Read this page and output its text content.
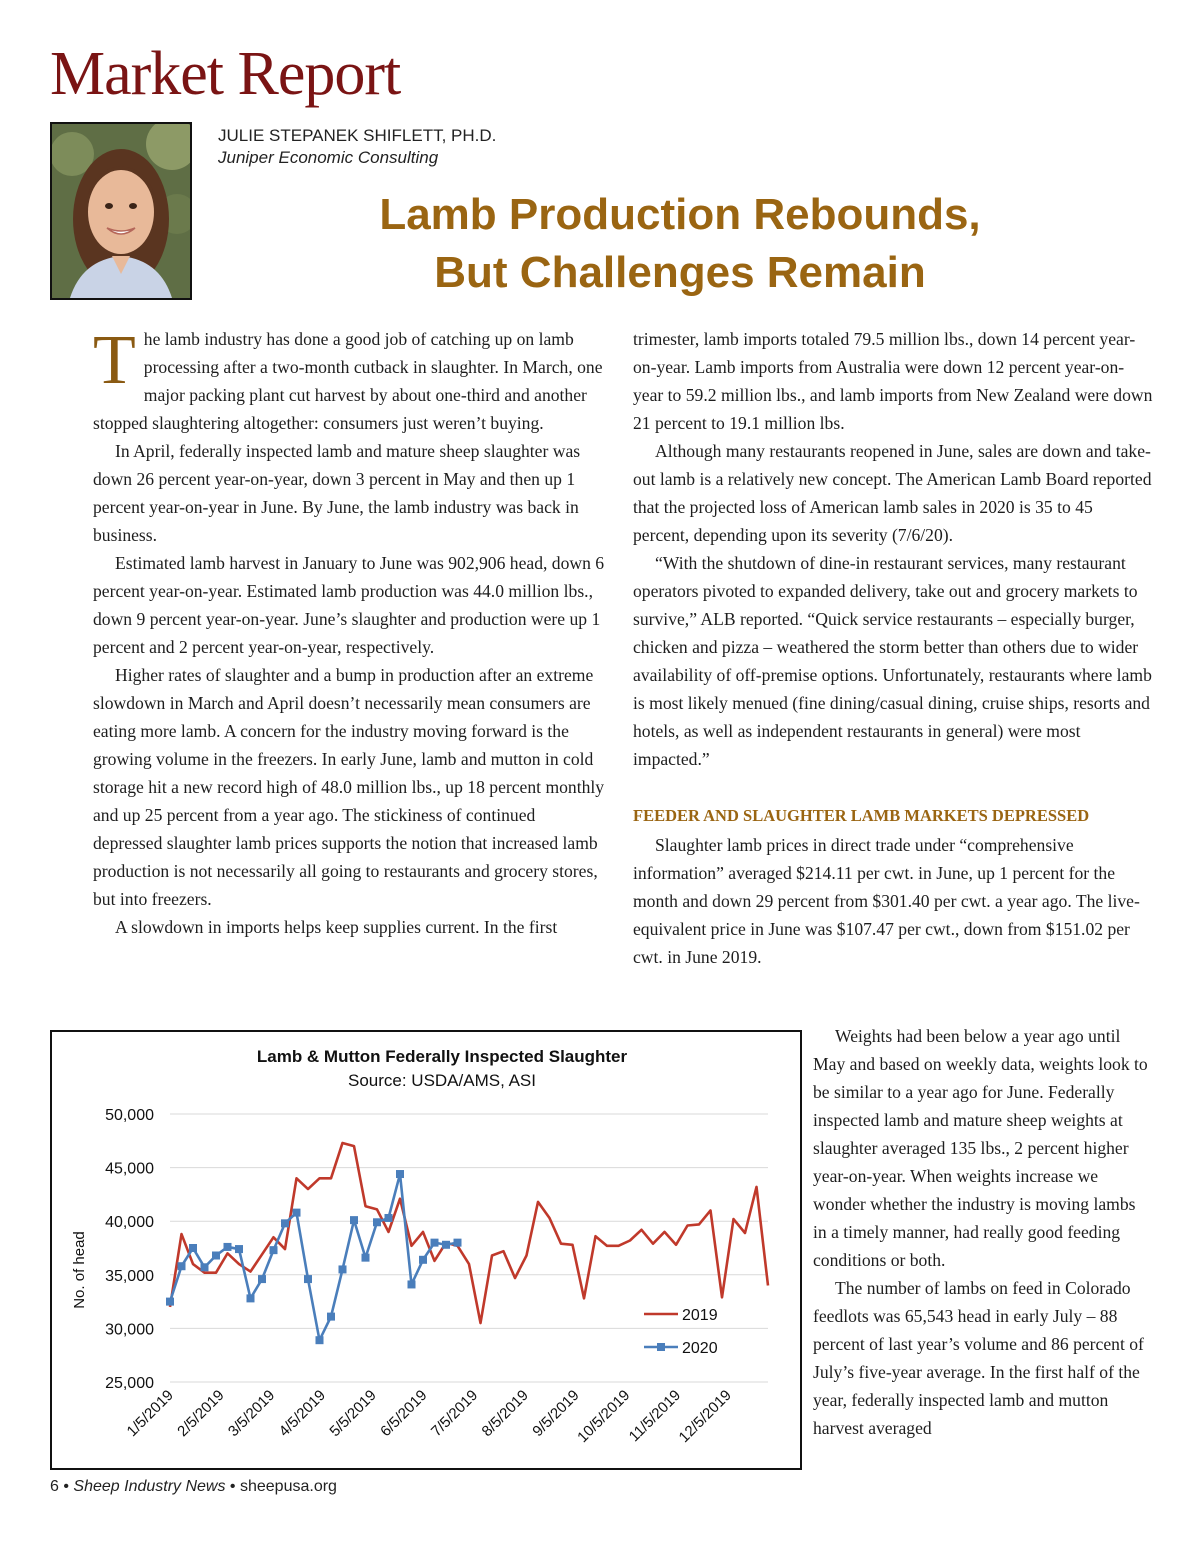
Market Report
JULIE STEPANEK SHIFLETT, PH.D.
Juniper Economic Consulting
Lamb Production Rebounds,
But Challenges Remain

The lamb industry has done a good job of catching up on lamb processing after a two-month cutback in slaughter. In March, one major packing plant cut harvest by about one-third and another stopped slaughtering altogether: consumers just weren’t buying.

In April, federally inspected lamb and mature sheep slaughter was down 26 percent year-on-year, down 3 percent in May and then up 1 percent year-on-year in June. By June, the lamb industry was back in business.

Estimated lamb harvest in January to June was 902,906 head, down 6 percent year-on-year. Estimated lamb production was 44.0 million lbs., down 9 percent year-on-year. June’s slaughter and production were up 1 percent and 2 percent year-on-year, respectively.

Higher rates of slaughter and a bump in production after an extreme slowdown in March and April doesn’t necessarily mean consumers are eating more lamb. A concern for the industry moving forward is the growing volume in the freezers. In early June, lamb and mutton in cold storage hit a new record high of 48.0 million lbs., up 18 percent monthly and up 25 percent from a year ago. The stickiness of continued depressed slaughter lamb prices supports the notion that increased lamb production is not necessarily all going to restaurants and grocery stores, but into freezers.

A slowdown in imports helps keep supplies current. In the first

trimester, lamb imports totaled 79.5 million lbs., down 14 percent year-on-year. Lamb imports from Australia were down 12 percent year-on-year to 59.2 million lbs., and lamb imports from New Zealand were down 21 percent to 19.1 million lbs.

Although many restaurants reopened in June, sales are down and take-out lamb is a relatively new concept. The American Lamb Board reported that the projected loss of American lamb sales in 2020 is 35 to 45 percent, depending upon its severity (7/6/20).

“With the shutdown of dine-in restaurant services, many restaurant operators pivoted to expanded delivery, take out and grocery markets to survive,” ALB reported. “Quick service restaurants – especially burger, chicken and pizza – weathered the storm better than others due to wider availability of off-premise options. Unfortunately, restaurants where lamb is most likely menued (fine dining/casual dining, cruise ships, resorts and hotels, as well as independent restaurants in general) were most impacted.”

FEEDER AND SLAUGHTER LAMB MARKETS DEPRESSED

Slaughter lamb prices in direct trade under “comprehensive information” averaged $214.11 per cwt. in June, up 1 percent for the month and down 29 percent from $301.40 per cwt. a year ago. The live-equivalent price in June was $107.47 per cwt., down from $151.02 per cwt. in June 2019.

Weights had been below a year ago until May and based on weekly data, weights look to be similar to a year ago for June. Federally inspected lamb and mature sheep weights at slaughter averaged 135 lbs., 2 percent higher year-on-year. When weights increase we wonder whether the industry is moving lambs in a timely manner, had really good feeding conditions or both.

The number of lambs on feed in Colorado feedlots was 65,543 head in early July – 88 percent of last year’s volume and 86 percent of July’s five-year average. In the first half of the year, federally inspected lamb and mutton harvest averaged

Lamb & Mutton Federally Inspected Slaughter
Source: USDA/AMS, ASI
No. of head
50,000
45,000
40,000
35,000
30,000
25,000
1/5/2019
2/5/2019
3/5/2019
4/5/2019
5/5/2019
6/5/2019
7/5/2019
8/5/2019
9/5/2019
10/5/2019
11/5/2019
12/5/2019
2019
2020
6 • Sheep Industry News • sheepusa.org
